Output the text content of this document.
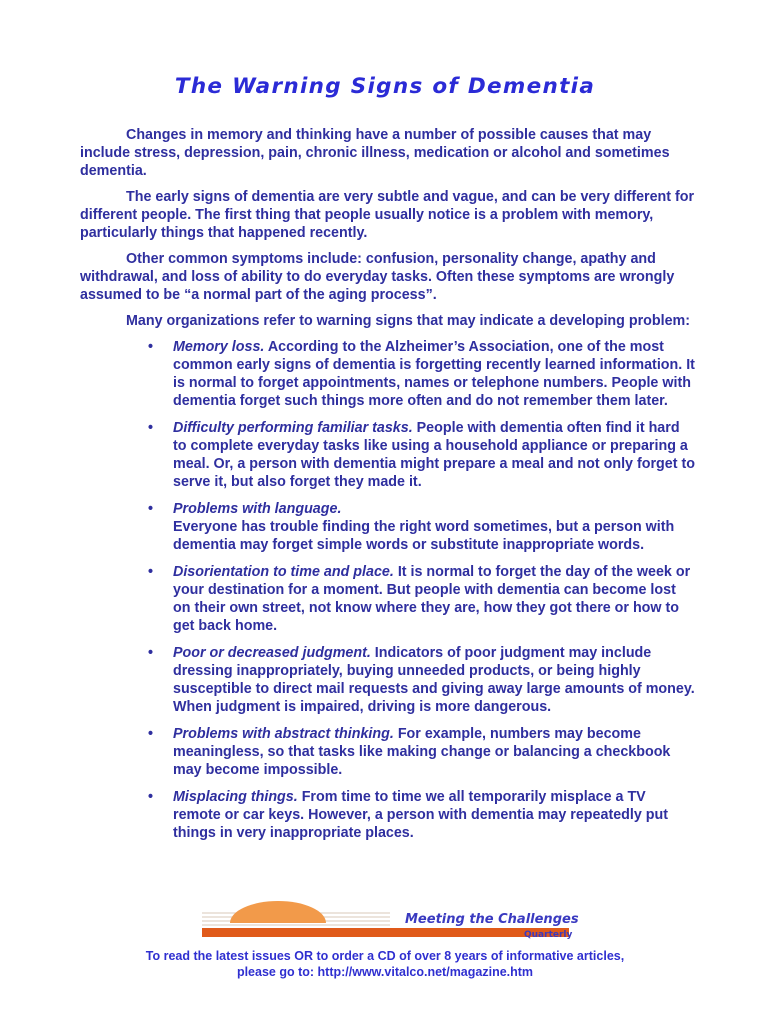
The Warning Signs of Dementia

Changes in memory and thinking have a number of possible causes that may include stress, depression, pain, chronic illness, medication or alcohol and sometimes dementia.

The early signs of dementia are very subtle and vague, and can be very different for different people. The first thing that people usually notice is a problem with memory, particularly things that happened recently.

Other common symptoms include: confusion, personality change, apathy and withdrawal, and loss of ability to do everyday tasks. Often these symptoms are wrongly assumed to be “a normal part of the aging process”.

Many organizations refer to warning signs that may indicate a developing problem:

• Memory loss. According to the Alzheimer’s Association, one of the most common early signs of dementia is forgetting recently learned information. It is normal to forget appointments, names or telephone numbers. People with dementia forget such things more often and do not remember them later.
• Difficulty performing familiar tasks. People with dementia often find it hard to complete everyday tasks like using a household appliance or preparing a meal. Or, a person with dementia might prepare a meal and not only forget to serve it, but also forget they made it.
• Problems with language.
Everyone has trouble finding the right word sometimes, but a person with dementia may forget simple words or substitute inappropriate words.
• Disorientation to time and place. It is normal to forget the day of the week or your destination for a moment. But people with dementia can become lost on their own street, not know where they are, how they got there or how to get back home.
• Poor or decreased judgment. Indicators of poor judgment may include dressing inappropriately, buying unneeded products, or being highly susceptible to direct mail requests and giving away large amounts of money. When judgment is impaired, driving is more dangerous.
• Problems with abstract thinking. For example, numbers may become meaningless, so that tasks like making change or balancing a checkbook may become impossible.
• Misplacing things. From time to time we all temporarily misplace a TV remote or car keys. However, a person with dementia may repeatedly put things in very inappropriate places.
Meeting the Challenges
Quarterly
To read the latest issues OR to order a CD of over 8 years of informative articles,
please go to: http://www.vitalco.net/magazine.htm
